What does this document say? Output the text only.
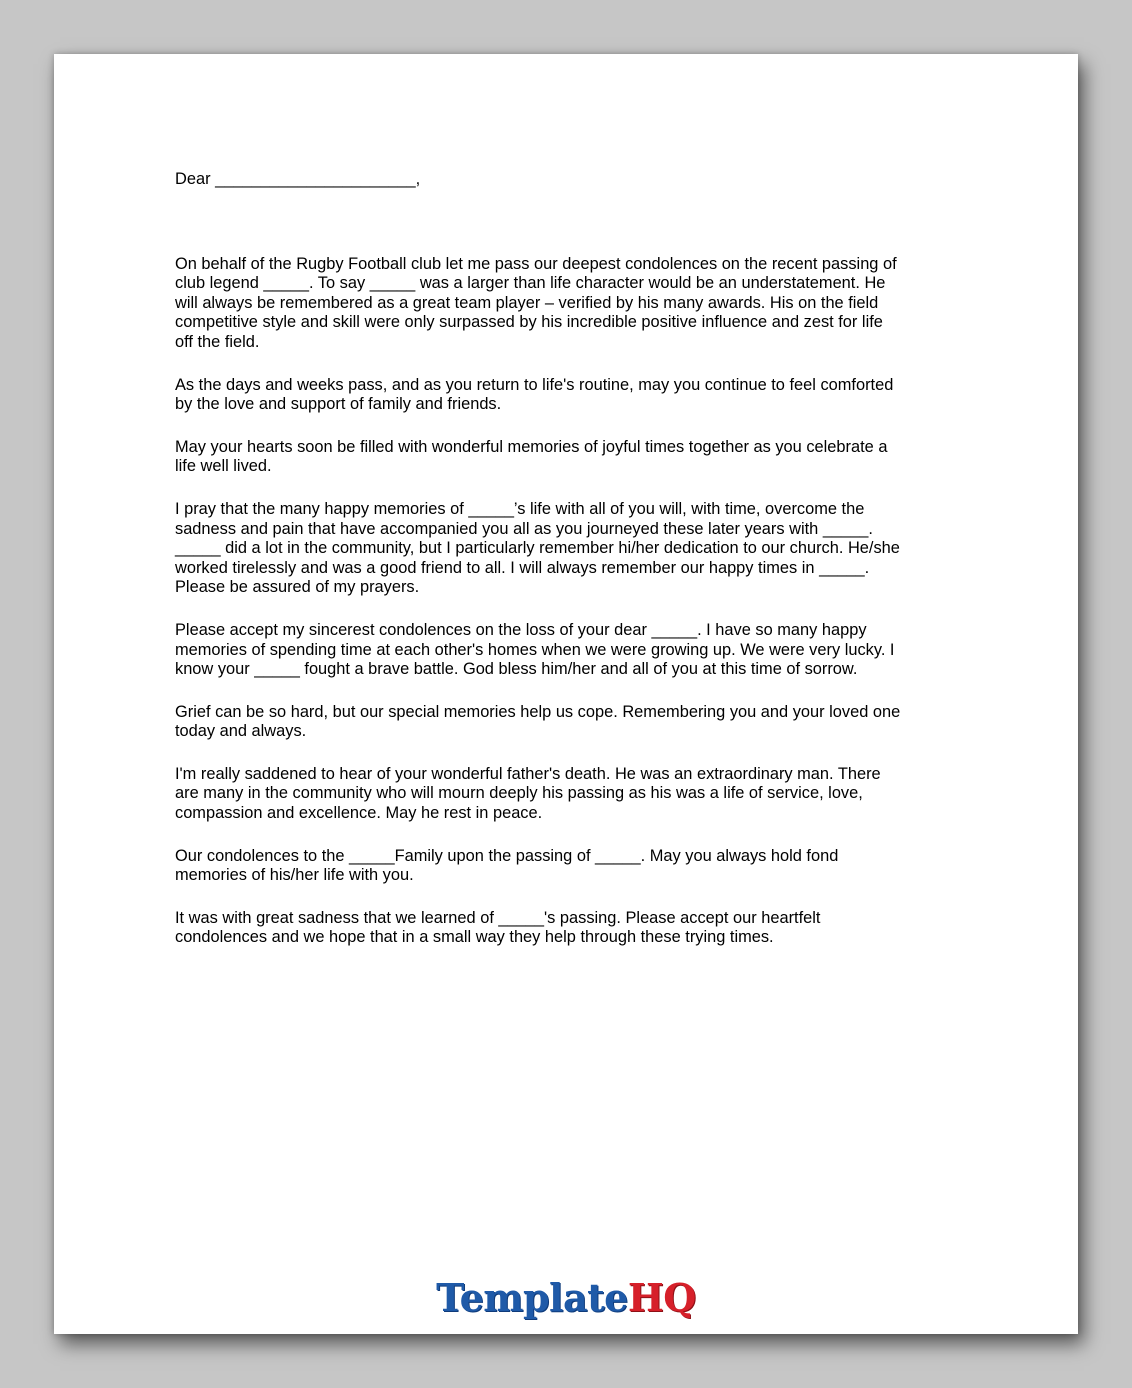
Dear ______________________,

On behalf of the Rugby Football club let me pass our deepest condolences on the recent passing of
club legend _____. To say _____ was a larger than life character would be an understatement. He
will always be remembered as a great team player – verified by his many awards. His on the field
competitive style and skill were only surpassed by his incredible positive influence and zest for life
off the field.

As the days and weeks pass, and as you return to life's routine, may you continue to feel comforted
by the love and support of family and friends.

May your hearts soon be filled with wonderful memories of joyful times together as you celebrate a
life well lived.

I pray that the many happy memories of _____’s life with all of you will, with time, overcome the
sadness and pain that have accompanied you all as you journeyed these later years with _____.
_____ did a lot in the community, but I particularly remember hi/her dedication to our church. He/she
worked tirelessly and was a good friend to all. I will always remember our happy times in _____.
Please be assured of my prayers.

Please accept my sincerest condolences on the loss of your dear _____. I have so many happy
memories of spending time at each other's homes when we were growing up. We were very lucky. I
know your _____ fought a brave battle. God bless him/her and all of you at this time of sorrow.

Grief can be so hard, but our special memories help us cope. Remembering you and your loved one
today and always.

I'm really saddened to hear of your wonderful father's death. He was an extraordinary man. There
are many in the community who will mourn deeply his passing as his was a life of service, love,
compassion and excellence. May he rest in peace.

Our condolences to the _____Family upon the passing of _____. May you always hold fond
memories of his/her life with you.

It was with great sadness that we learned of _____'s passing. Please accept our heartfelt
condolences and we hope that in a small way they help through these trying times.

TemplateHQ
